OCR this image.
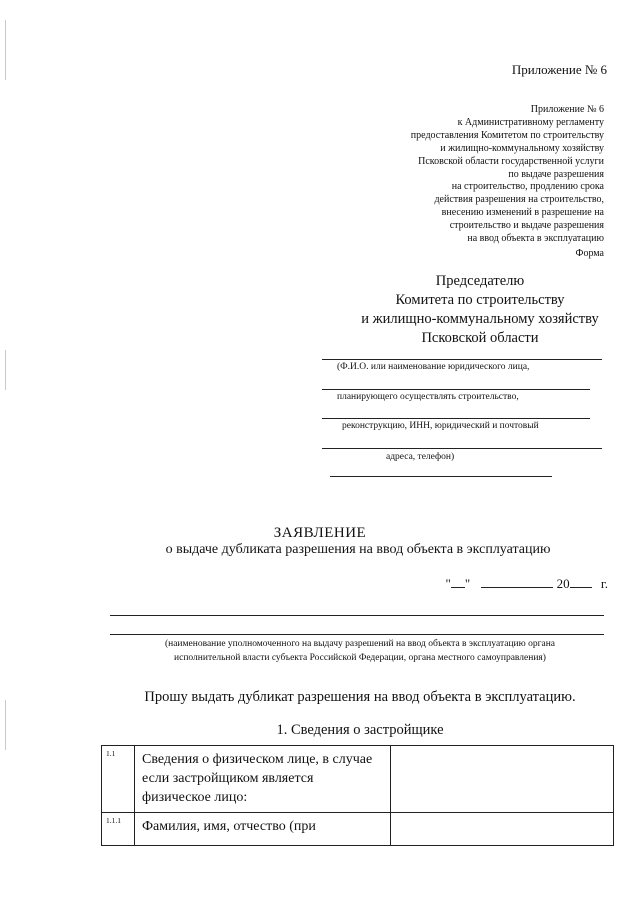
Приложение № 6
Приложение № 6
к Административному регламенту
предоставления Комитетом по строительству
и жилищно-коммунальному хозяйству
Псковской области государственной услуги
по выдаче разрешения
на строительство, продлению срока
действия разрешения на строительство,
внесению изменений в разрешение на
строительство и выдаче разрешения
на ввод объекта в эксплуатацию
Форма
Председателю
Комитета по строительству
и жилищно-коммунальному хозяйству
Псковской области
(Ф.И.О. или наименование юридического лица,
планирующего осуществлять строительство,
реконструкцию, ИНН, юридический и почтовый
адреса, телефон)
ЗАЯВЛЕНИЕ
о выдаче дубликата разрешения на ввод объекта в эксплуатацию
" "	20 г.
(наименование уполномоченного на выдачу разрешений на ввод объекта в эксплуатацию органа
исполнительной власти субъекта Российской Федерации, органа местного самоуправления)
Прошу выдать дубликат разрешения на ввод объекта в эксплуатацию.
1. Сведения о застройщике
1.1	Сведения о физическом лице, в случае если застройщиком является физическое лицо:	
1.1.1	Фамилия, имя, отчество (при	
